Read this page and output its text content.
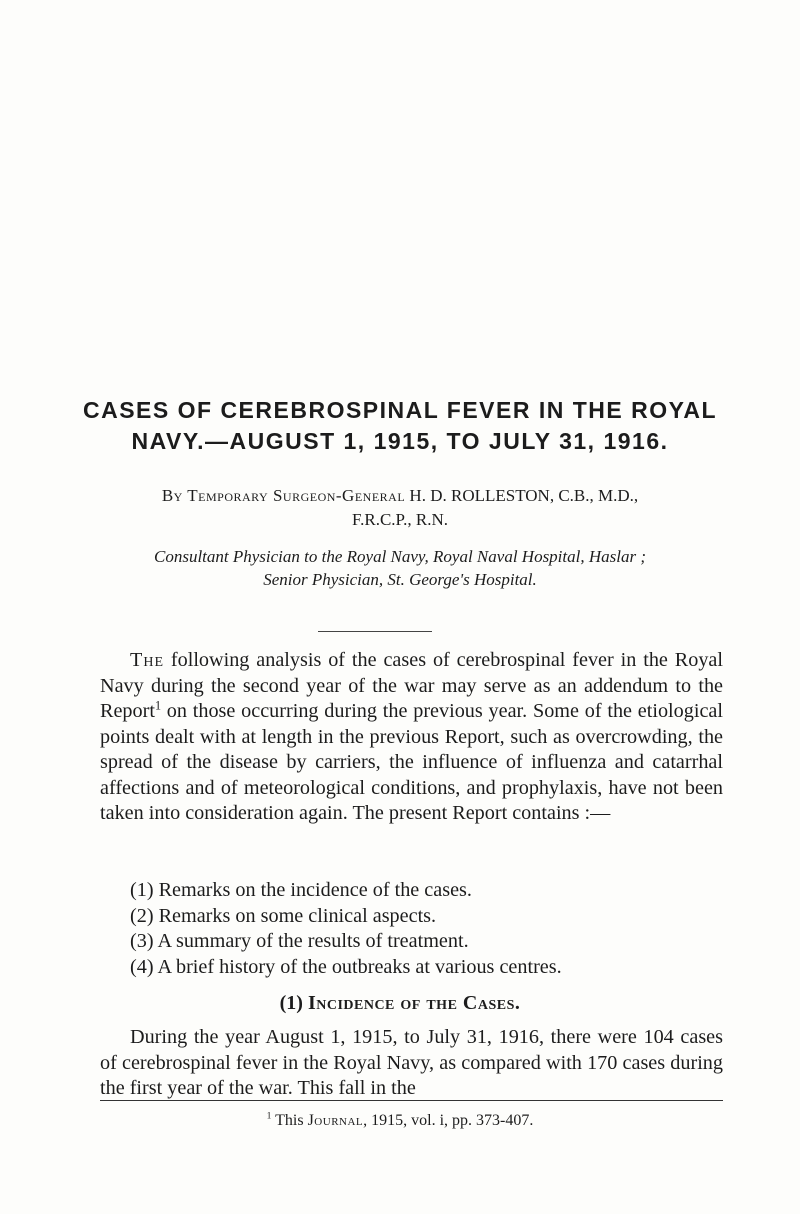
CASES OF CEREBROSPINAL FEVER IN THE ROYAL
NAVY.—AUGUST 1, 1915, TO JULY 31, 1916.
By Temporary Surgeon-General H. D. ROLLESTON, C.B., M.D.,
F.R.C.P., R.N.
Consultant Physician to the Royal Navy, Royal Naval Hospital, Haslar ;
Senior Physician, St. George's Hospital.

The following analysis of the cases of cerebrospinal fever in the Royal Navy during the second year of the war may serve as an addendum to the Report$^1$ on those occurring during the previous year. Some of the etiological points dealt with at length in the previous Report, such as overcrowding, the spread of the disease by carriers, the influence of influenza and catarrhal affections and of meteorological conditions, and prophylaxis, have not been taken into consideration again. The present Report contains :—

(1) Remarks on the incidence of the cases.

(2) Remarks on some clinical aspects.

(3) A summary of the results of treatment.

(4) A brief history of the outbreaks at various centres.

(1) Incidence of the Cases.

During the year August 1, 1915, to July 31, 1916, there were 104 cases of cerebrospinal fever in the Royal Navy, as compared with 170 cases during the first year of the war. This fall in the

$^1$ This Journal, 1915, vol. i, pp. 373-407.
